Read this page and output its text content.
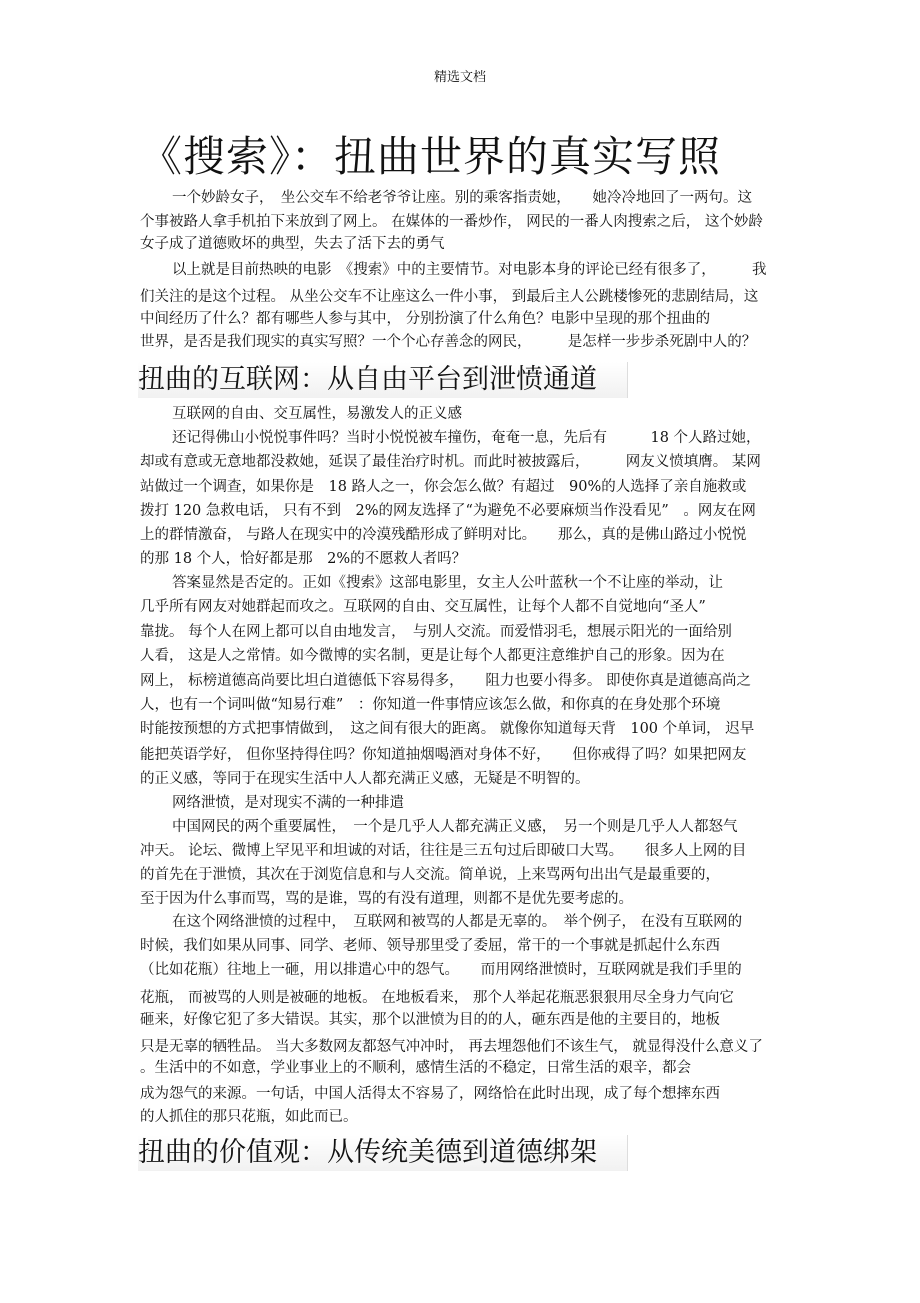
精选文档
《搜索》：扭曲世界的真实写照
一个妙龄女子，　坐公交车不给老爷爷让座。别的乘客指责她，　　她冷冷地回了一两句。这
个事被路人拿手机拍下来放到了网上。 在媒体的一番炒作， 网民的一番人肉搜索之后， 这个妙龄
女子成了道德败坏的典型，失去了活下去的勇气
以上就是目前热映的电影　《搜索》中的主要情节。对电影本身的评论已经有很多了，　　　我
们关注的是这个过程。 从坐公交车不让座这么一件小事， 到最后主人公跳楼惨死的悲剧结局，这
中间经历了什么？都有哪些人参与其中， 分别扮演了什么角色？电影中呈现的那个扭曲的
世界，是否是我们现实的真实写照？一个个心存善念的网民，　　　是怎样一步步杀死剧中人的？
扭曲的互联网：从自由平台到泄愤通道
互联网的自由、交互属性，易激发人的正义感
还记得佛山小悦悦事件吗？当时小悦悦被车撞伤，奄奄一息，先后有　　　18 个人路过她，
却或有意或无意地都没救她，延误了最佳治疗时机。而此时被披露后，　　　网友义愤填膺。 某网
站做过一个调查，如果你是　18 路人之一，你会怎么做？有超过　90%的人选择了亲自施救或
拨打 120 急救电话， 只有不到　2%的网友选择了“为避免不必要麻烦当作没看见”　。网友在网
上的群情激奋， 与路人在现实中的冷漠残酷形成了鲜明对比。　　那么，真的是佛山路过小悦悦
的那 18 个人，恰好都是那　2%的不愿救人者吗？
答案显然是否定的。正如《搜索》这部电影里，女主人公叶蓝秋一个不让座的举动，让
几乎所有网友对她群起而攻之。互联网的自由、交互属性，让每个人都不自觉地向“圣人”
靠拢。 每个人在网上都可以自由地发言，　与别人交流。而爱惜羽毛，想展示阳光的一面给别
人看， 这是人之常情。如今微博的实名制，更是让每个人都更注意维护自己的形象。因为在
网上， 标榜道德高尚要比坦白道德低下容易得多，　　阻力也要小得多。 即使你真是道德高尚之
人，也有一个词叫做“知易行难”　：你知道一件事情应该怎么做，和你真的在身处那个环境
时能按预想的方式把事情做到，　这之间有很大的距离。 就像你知道每天背　100 个单词， 迟早
能把英语学好， 但你坚持得住吗？你知道抽烟喝酒对身体不好，　　但你戒得了吗？如果把网友
的正义感，等同于在现实生活中人人都充满正义感，无疑是不明智的。
网络泄愤，是对现实不满的一种排遣
中国网民的两个重要属性，　一个是几乎人人都充满正义感，　另一个则是几乎人人都怒气
冲天。 论坛、微博上罕见平和坦诚的对话，往往是三五句过后即破口大骂。　　很多人上网的目
的首先在于泄愤，其次在于浏览信息和与人交流。简单说，上来骂两句出出气是最重要的，
至于因为什么事而骂，骂的是谁，骂的有没有道理，则都不是优先要考虑的。
在这个网络泄愤的过程中，　互联网和被骂的人都是无辜的。　举个例子， 在没有互联网的
时候，我们如果从同事、同学、老师、领导那里受了委屈，常干的一个事就是抓起什么东西
（比如花瓶）往地上一砸，用以排遣心中的怨气。　　而用网络泄愤时，互联网就是我们手里的
花瓶， 而被骂的人则是被砸的地板。 在地板看来， 那个人举起花瓶恶狠狠用尽全身力气向它
砸来，好像它犯了多大错误。其实，那个以泄愤为目的的人，砸东西是他的主要目的，地板
只是无辜的牺牲品。 当大多数网友都怒气冲冲时， 再去埋怨他们不该生气， 就显得没什么意义了
。生活中的不如意，学业事业上的不顺利，感情生活的不稳定，日常生活的艰辛，都会
成为怨气的来源。一句话，中国人活得太不容易了，网络恰在此时出现，成了每个想摔东西
的人抓住的那只花瓶，如此而已。
扭曲的价值观：从传统美德到道德绑架
